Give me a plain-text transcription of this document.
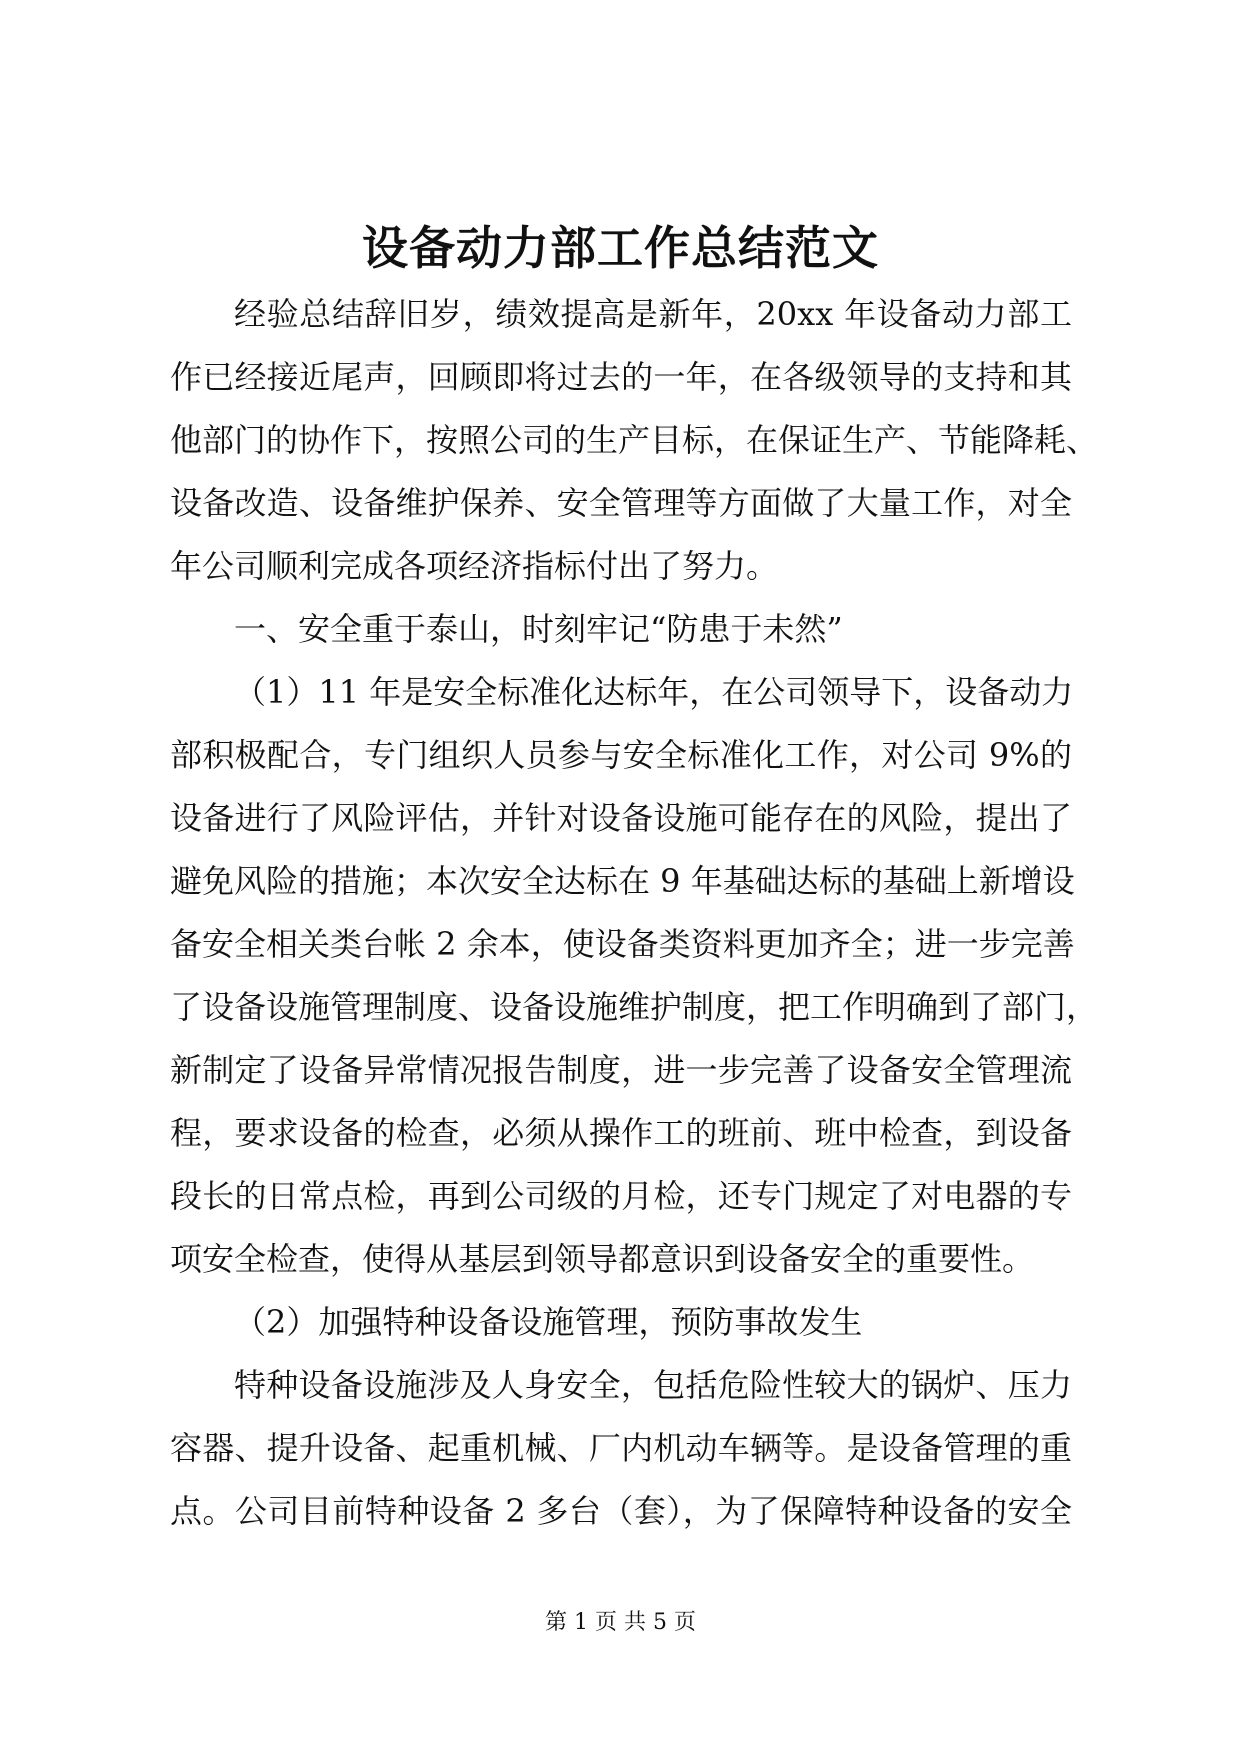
设备动力部工作总结范文
经验总结辞旧岁，绩效提高是新年，20xx 年设备动力部工
作已经接近尾声，回顾即将过去的一年，在各级领导的支持和其
他部门的协作下，按照公司的生产目标，在保证生产、节能降耗、
设备改造、设备维护保养、安全管理等方面做了大量工作，对全
年公司顺利完成各项经济指标付出了努力。
一、安全重于泰山，时刻牢记“防患于未然”
（1）11 年是安全标准化达标年，在公司领导下，设备动力
部积极配合，专门组织人员参与安全标准化工作，对公司 9%的
设备进行了风险评估，并针对设备设施可能存在的风险，提出了
避免风险的措施；本次安全达标在 9 年基础达标的基础上新增设
备安全相关类台帐 2 余本，使设备类资料更加齐全；进一步完善
了设备设施管理制度、设备设施维护制度，把工作明确到了部门，
新制定了设备异常情况报告制度，进一步完善了设备安全管理流
程，要求设备的检查，必须从操作工的班前、班中检查，到设备
段长的日常点检，再到公司级的月检，还专门规定了对电器的专
项安全检查，使得从基层到领导都意识到设备安全的重要性。
（2）加强特种设备设施管理，预防事故发生
特种设备设施涉及人身安全，包括危险性较大的锅炉、压力
容器、提升设备、起重机械、厂内机动车辆等。是设备管理的重
点。公司目前特种设备 2 多台（套），为了保障特种设备的安全
第 1 页 共 5 页
